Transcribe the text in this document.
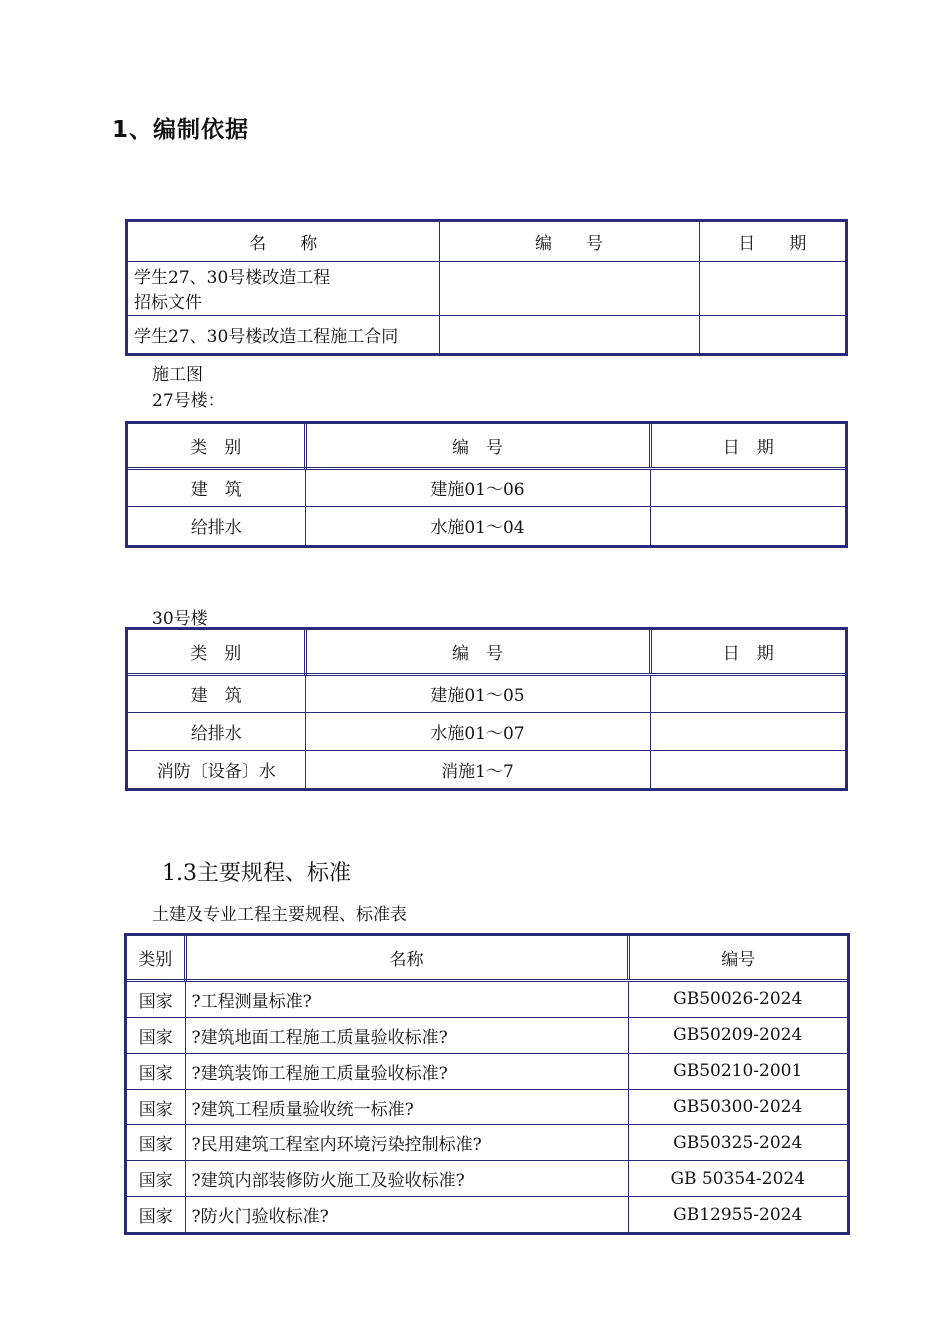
1、编制依据
名　　称	编　　号	日　　期

学生27、30号楼改造工程
招标文件		

学生27、30号楼改造工程施工合同		
施工图
27号楼：
类　别	编　号	日　期
建　筑	建施01～06	
给排水	水施01～04	
30号楼
类　别	编　号	日　期
建　筑	建施01～05	
给排水	水施01～07	
消防〔设备〕水	消施1～7	
1.3主要规程、标准
土建及专业工程主要规程、标准表
类别	名称	编号
国家	?工程测量标准?	GB50026-2024
国家	?建筑地面工程施工质量验收标准?	GB50209-2024
国家	?建筑装饰工程施工质量验收标准?	GB50210-2001
国家	?建筑工程质量验收统一标准?	GB50300-2024
国家	?民用建筑工程室内环境污染控制标准?	GB50325-2024
国家	?建筑内部装修防火施工及验收标准?	GB 50354-2024
国家	?防火门验收标准?	GB12955-2024
